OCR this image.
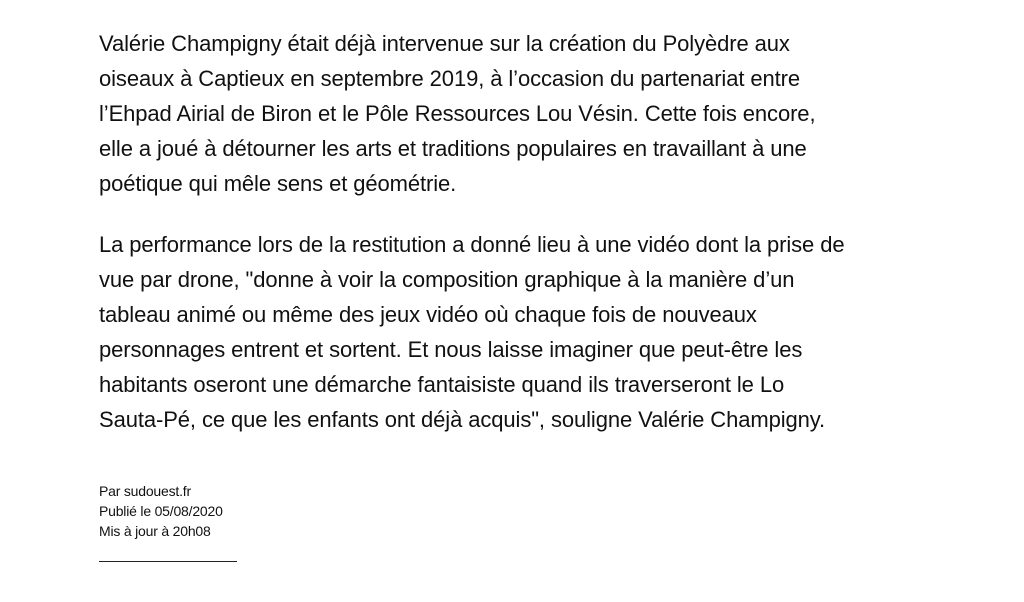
Valérie Champigny était déjà intervenue sur la création du Polyèdre aux
oiseaux à Captieux en septembre 2019, à l’occasion du partenariat entre
l’Ehpad Airial de Biron et le Pôle Ressources Lou Vésin. Cette fois encore,
elle a joué à détourner les arts et traditions populaires en travaillant à une
poétique qui mêle sens et géométrie.
La performance lors de la restitution a donné lieu à une vidéo dont la prise de
vue par drone, "donne à voir la composition graphique à la manière d’un
tableau animé ou même des jeux vidéo où chaque fois de nouveaux
personnages entrent et sortent. Et nous laisse imaginer que peut-être les
habitants oseront une démarche fantaisiste quand ils traverseront le Lo
Sauta-Pé, ce que les enfants ont déjà acquis", souligne Valérie Champigny.
Par sudouest.fr
Publié le 05/08/2020
Mis à jour à 20h08
